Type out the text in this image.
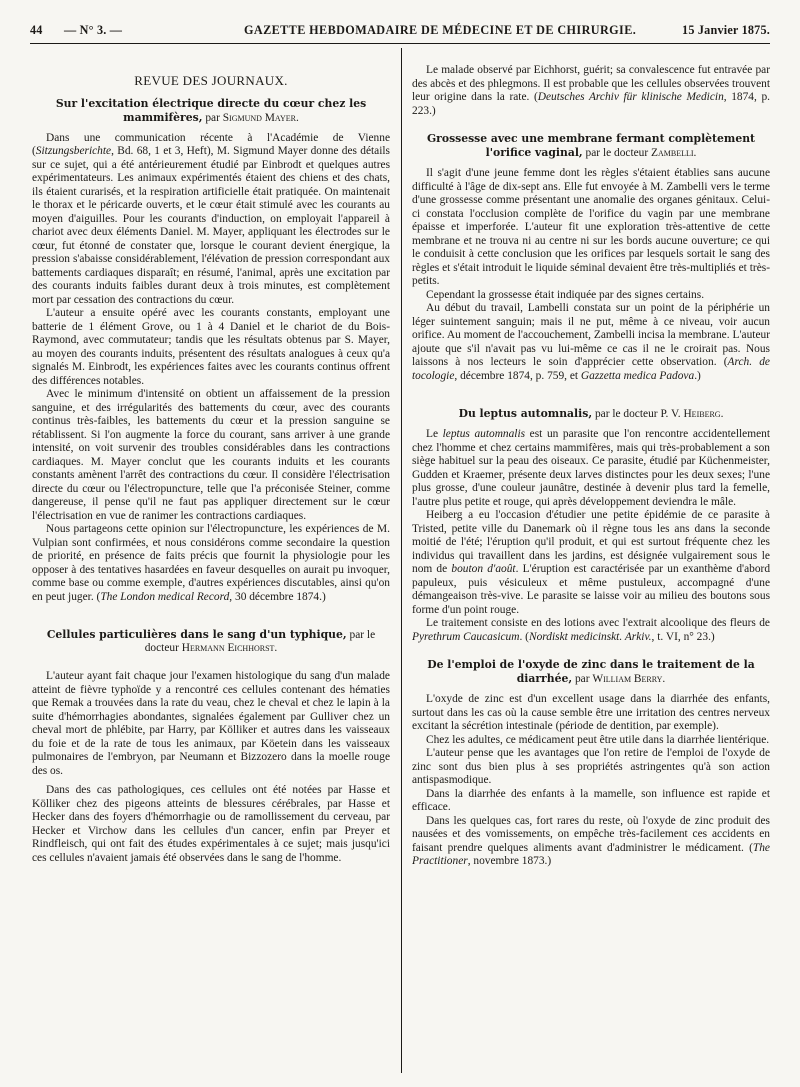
44 — N° 3. —	GAZETTE HEBDOMADAIRE DE MÉDECINE ET DE CHIRURGIE.	15 Janvier 1875.
REVUE DES JOURNAUX.
Sur l'excitation électrique directe du cœur chez les mammifères, par Sigmund Mayer.

Dans une communication récente à l'Académie de Vienne (Sitzungsberichte, Bd. 68, 1 et 3, Heft), M. Sigmund Mayer donne des détails sur ce sujet, qui a été antérieurement étudié par Einbrodt et quelques autres expérimentateurs. Les animaux expérimentés étaient des chiens et des chats, ils étaient curarisés, et la respiration artificielle était pratiquée. On maintenait le thorax et le péricarde ouverts, et le cœur était stimulé avec les courants au moyen d'aiguilles. Pour les courants d'induction, on employait l'appareil à chariot avec deux éléments Daniel. M. Mayer, appliquant les électrodes sur le cœur, fut étonné de constater que, lorsque le courant devient énergique, la pression s'abaisse considérablement, l'élévation de pression correspondant aux battements cardiaques disparaît; en résumé, l'animal, après une excitation par des courants induits faibles durant deux à trois minutes, est complètement mort par cessation des contractions du cœur.

L'auteur a ensuite opéré avec les courants constants, employant une batterie de 1 élément Grove, ou 1 à 4 Daniel et le chariot de du Bois-Raymond, avec commutateur; tandis que les résultats obtenus par S. Mayer, au moyen des courants induits, présentent des résultats analogues à ceux qu'a signalés M. Einbrodt, les expériences faites avec les courants continus offrent des différences notables.

Avec le minimum d'intensité on obtient un affaissement de la pression sanguine, et des irrégularités des battements du cœur, avec des courants continus très-faibles, les battements du cœur et la pression sanguine se rétablissent. Si l'on augmente la force du courant, sans arriver à une grande intensité, on voit survenir des troubles considérables dans les contractions cardiaques. M. Mayer conclut que les courants induits et les courants constants amènent l'arrêt des contractions du cœur. Il considère l'électrisation directe du cœur ou l'électropuncture, telle que l'a préconisée Steiner, comme dangereuse, il pense qu'il ne faut pas appliquer directement sur le cœur l'électrisation en vue de ranimer les contractions cardiaques.

Nous partageons cette opinion sur l'électropuncture, les expériences de M. Vulpian sont confirmées, et nous considérons comme secondaire la question de priorité, en présence de faits précis que fournit la physiologie pour les opposer à des tentatives hasardées en faveur desquelles on aurait pu invoquer, comme base ou comme exemple, d'autres expériences discutables, ainsi qu'on en peut juger. (The London medical Record, 30 décembre 1874.)

Cellules particulières dans le sang d'un typhique, par le docteur Hermann Eichhorst.

L'auteur ayant fait chaque jour l'examen histologique du sang d'un malade atteint de fièvre typhoïde y a rencontré ces cellules contenant des hématies que Remak a trouvées dans la rate du veau, chez le cheval et chez le lapin à la suite d'hémorrhagies abondantes, signalées également par Gulliver chez un cheval mort de phlébite, par Harry, par Kölliker et autres dans les vaisseaux du foie et de la rate de tous les animaux, par Köetein dans les vaisseaux pulmonaires de l'embryon, par Neumann et Bizzozero dans la moelle rouge des os.

Dans des cas pathologiques, ces cellules ont été notées par Hasse et Kölliker chez des pigeons atteints de blessures cérébrales, par Hasse et Hecker dans des foyers d'hémorrhagie ou de ramollissement du cerveau, par Hecker et Virchow dans les cellules d'un cancer, enfin par Preyer et Rindfleisch, qui ont fait des études expérimentales à ce sujet; mais jusqu'ici ces cellules n'avaient jamais été observées dans le sang de l'homme.

Le malade observé par Eichhorst, guérit; sa convalescence fut entravée par des abcès et des phlegmons. Il est probable que les cellules observées trouvent leur origine dans la rate. (Deutsches Archiv für klinische Medicin, 1874, p. 223.)

Grossesse avec une membrane fermant complètement l'orifice vaginal, par le docteur Zambelli.

Il s'agit d'une jeune femme dont les règles s'étaient établies sans aucune difficulté à l'âge de dix-sept ans. Elle fut envoyée à M. Zambelli vers le terme d'une grossesse comme présentant une anomalie des organes génitaux. Celui-ci constata l'occlusion complète de l'orifice du vagin par une membrane épaisse et imperforée. L'auteur fit une exploration très-attentive de cette membrane et ne trouva ni au centre ni sur les bords aucune ouverture; ce qui le conduisit à cette conclusion que les orifices par lesquels sortait le sang des règles et s'était introduit le liquide séminal devaient être très-multipliés et très-petits.

Cependant la grossesse était indiquée par des signes certains.

Au début du travail, Lambelli constata sur un point de la périphérie un léger suintement sanguin; mais il ne put, même à ce niveau, voir aucun orifice. Au moment de l'accouchement, Zambelli incisa la membrane. L'auteur ajoute que s'il n'avait pas vu lui-même ce cas il ne le croirait pas. Nous laissons à nos lecteurs le soin d'apprécier cette observation. (Arch. de tocologie, décembre 1874, p. 759, et Gazzetta medica Padova.)

Du leptus automnalis, par le docteur P. V. Heiberg.

Le leptus automnalis est un parasite que l'on rencontre accidentellement chez l'homme et chez certains mammifères, mais qui très-probablement a son siège habituel sur la peau des oiseaux. Ce parasite, étudié par Küchenmeister, Gudden et Kraemer, présente deux larves distinctes pour les deux sexes; l'une plus grosse, d'une couleur jaunâtre, destinée à devenir plus tard la femelle, l'autre plus petite et rouge, qui après développement deviendra le mâle.

Heiberg a eu l'occasion d'étudier une petite épidémie de ce parasite à Tristed, petite ville du Danemark où il règne tous les ans dans la seconde moitié de l'été; l'éruption qu'il produit, et qui est surtout fréquente chez les individus qui travaillent dans les jardins, est désignée vulgairement sous le nom de bouton d'août. L'éruption est caractérisée par un exanthème d'abord papuleux, puis vésiculeux et même pustuleux, accompagné d'une démangeaison très-vive. Le parasite se laisse voir au milieu des boutons sous forme d'un point rouge.

Le traitement consiste en des lotions avec l'extrait alcoolique des fleurs de Pyrethrum Caucasicum. (Nordiskt medicinskt. Arkiv., t. VI, n° 23.)

De l'emploi de l'oxyde de zinc dans le traitement de la diarrhée, par William Berry.

L'oxyde de zinc est d'un excellent usage dans la diarrhée des enfants, surtout dans les cas où la cause semble être une irritation des centres nerveux excitant la sécrétion intestinale (période de dentition, par exemple).

Chez les adultes, ce médicament peut être utile dans la diarrhée lientérique.

L'auteur pense que les avantages que l'on retire de l'emploi de l'oxyde de zinc sont dus bien plus à ses propriétés astringentes qu'à son action antispasmodique.

Dans la diarrhée des enfants à la mamelle, son influence est rapide et efficace.

Dans les quelques cas, fort rares du reste, où l'oxyde de zinc produit des nausées et des vomissements, on empêche très-facilement ces accidents en faisant prendre quelques aliments avant d'administrer le médicament. (The Practitioner, novembre 1873.)
